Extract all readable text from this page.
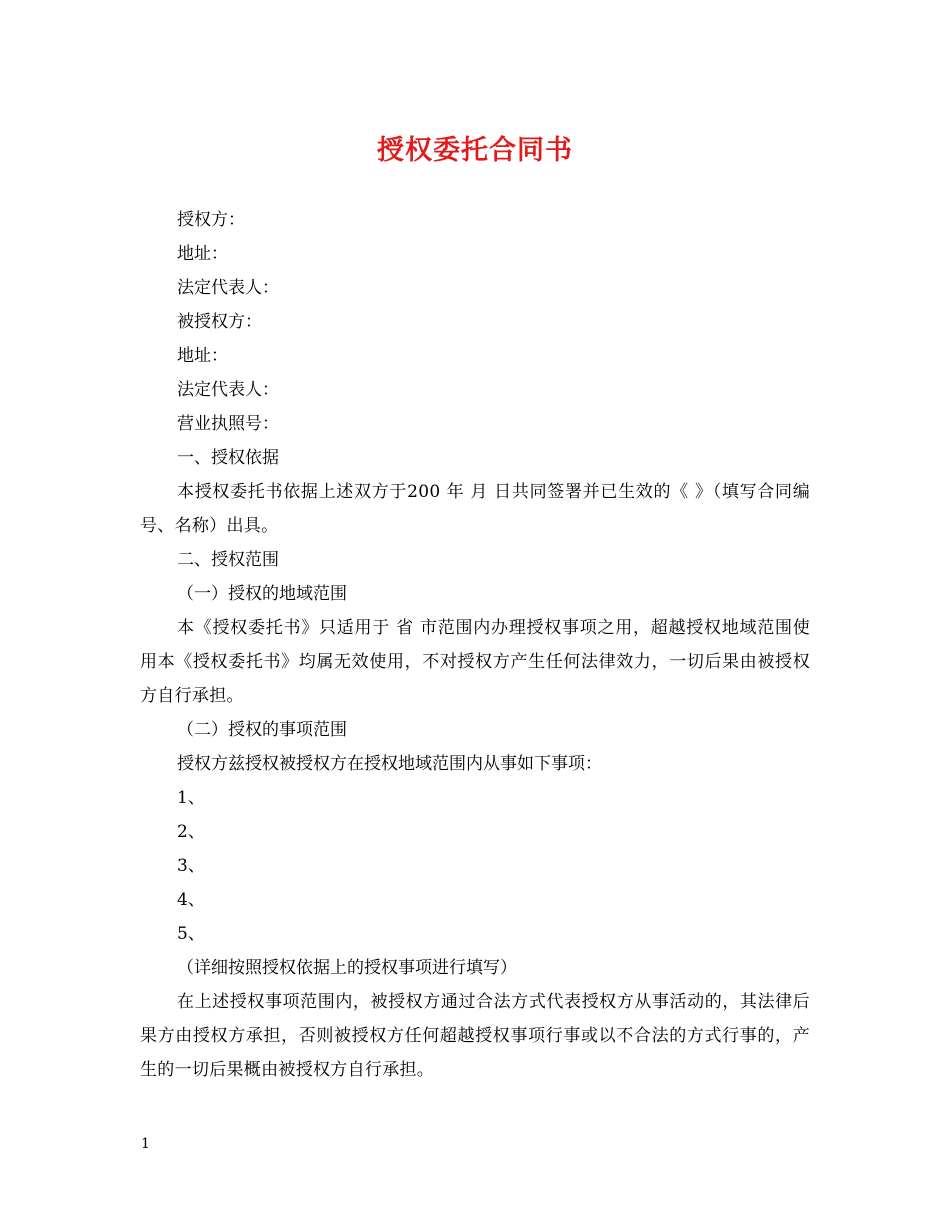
授权委托合同书

授权方：

地址：

法定代表人：

被授权方：

地址：

法定代表人：

营业执照号：

一、授权依据

本授权委托书依据上述双方于200 年 月 日共同签署并已生效的《 》（填写合同编号、名称）出具。

二、授权范围

（一）授权的地域范围

本《授权委托书》只适用于 省 市范围内办理授权事项之用，超越授权地域范围使用本《授权委托书》均属无效使用，不对授权方产生任何法律效力，一切后果由被授权方自行承担。

（二）授权的事项范围

授权方兹授权被授权方在授权地域范围内从事如下事项：

1、

2、

3、

4、

5、

（详细按照授权依据上的授权事项进行填写）

在上述授权事项范围内，被授权方通过合法方式代表授权方从事活动的，其法律后果方由授权方承担，否则被授权方任何超越授权事项行事或以不合法的方式行事的，产生的一切后果概由被授权方自行承担。

1
